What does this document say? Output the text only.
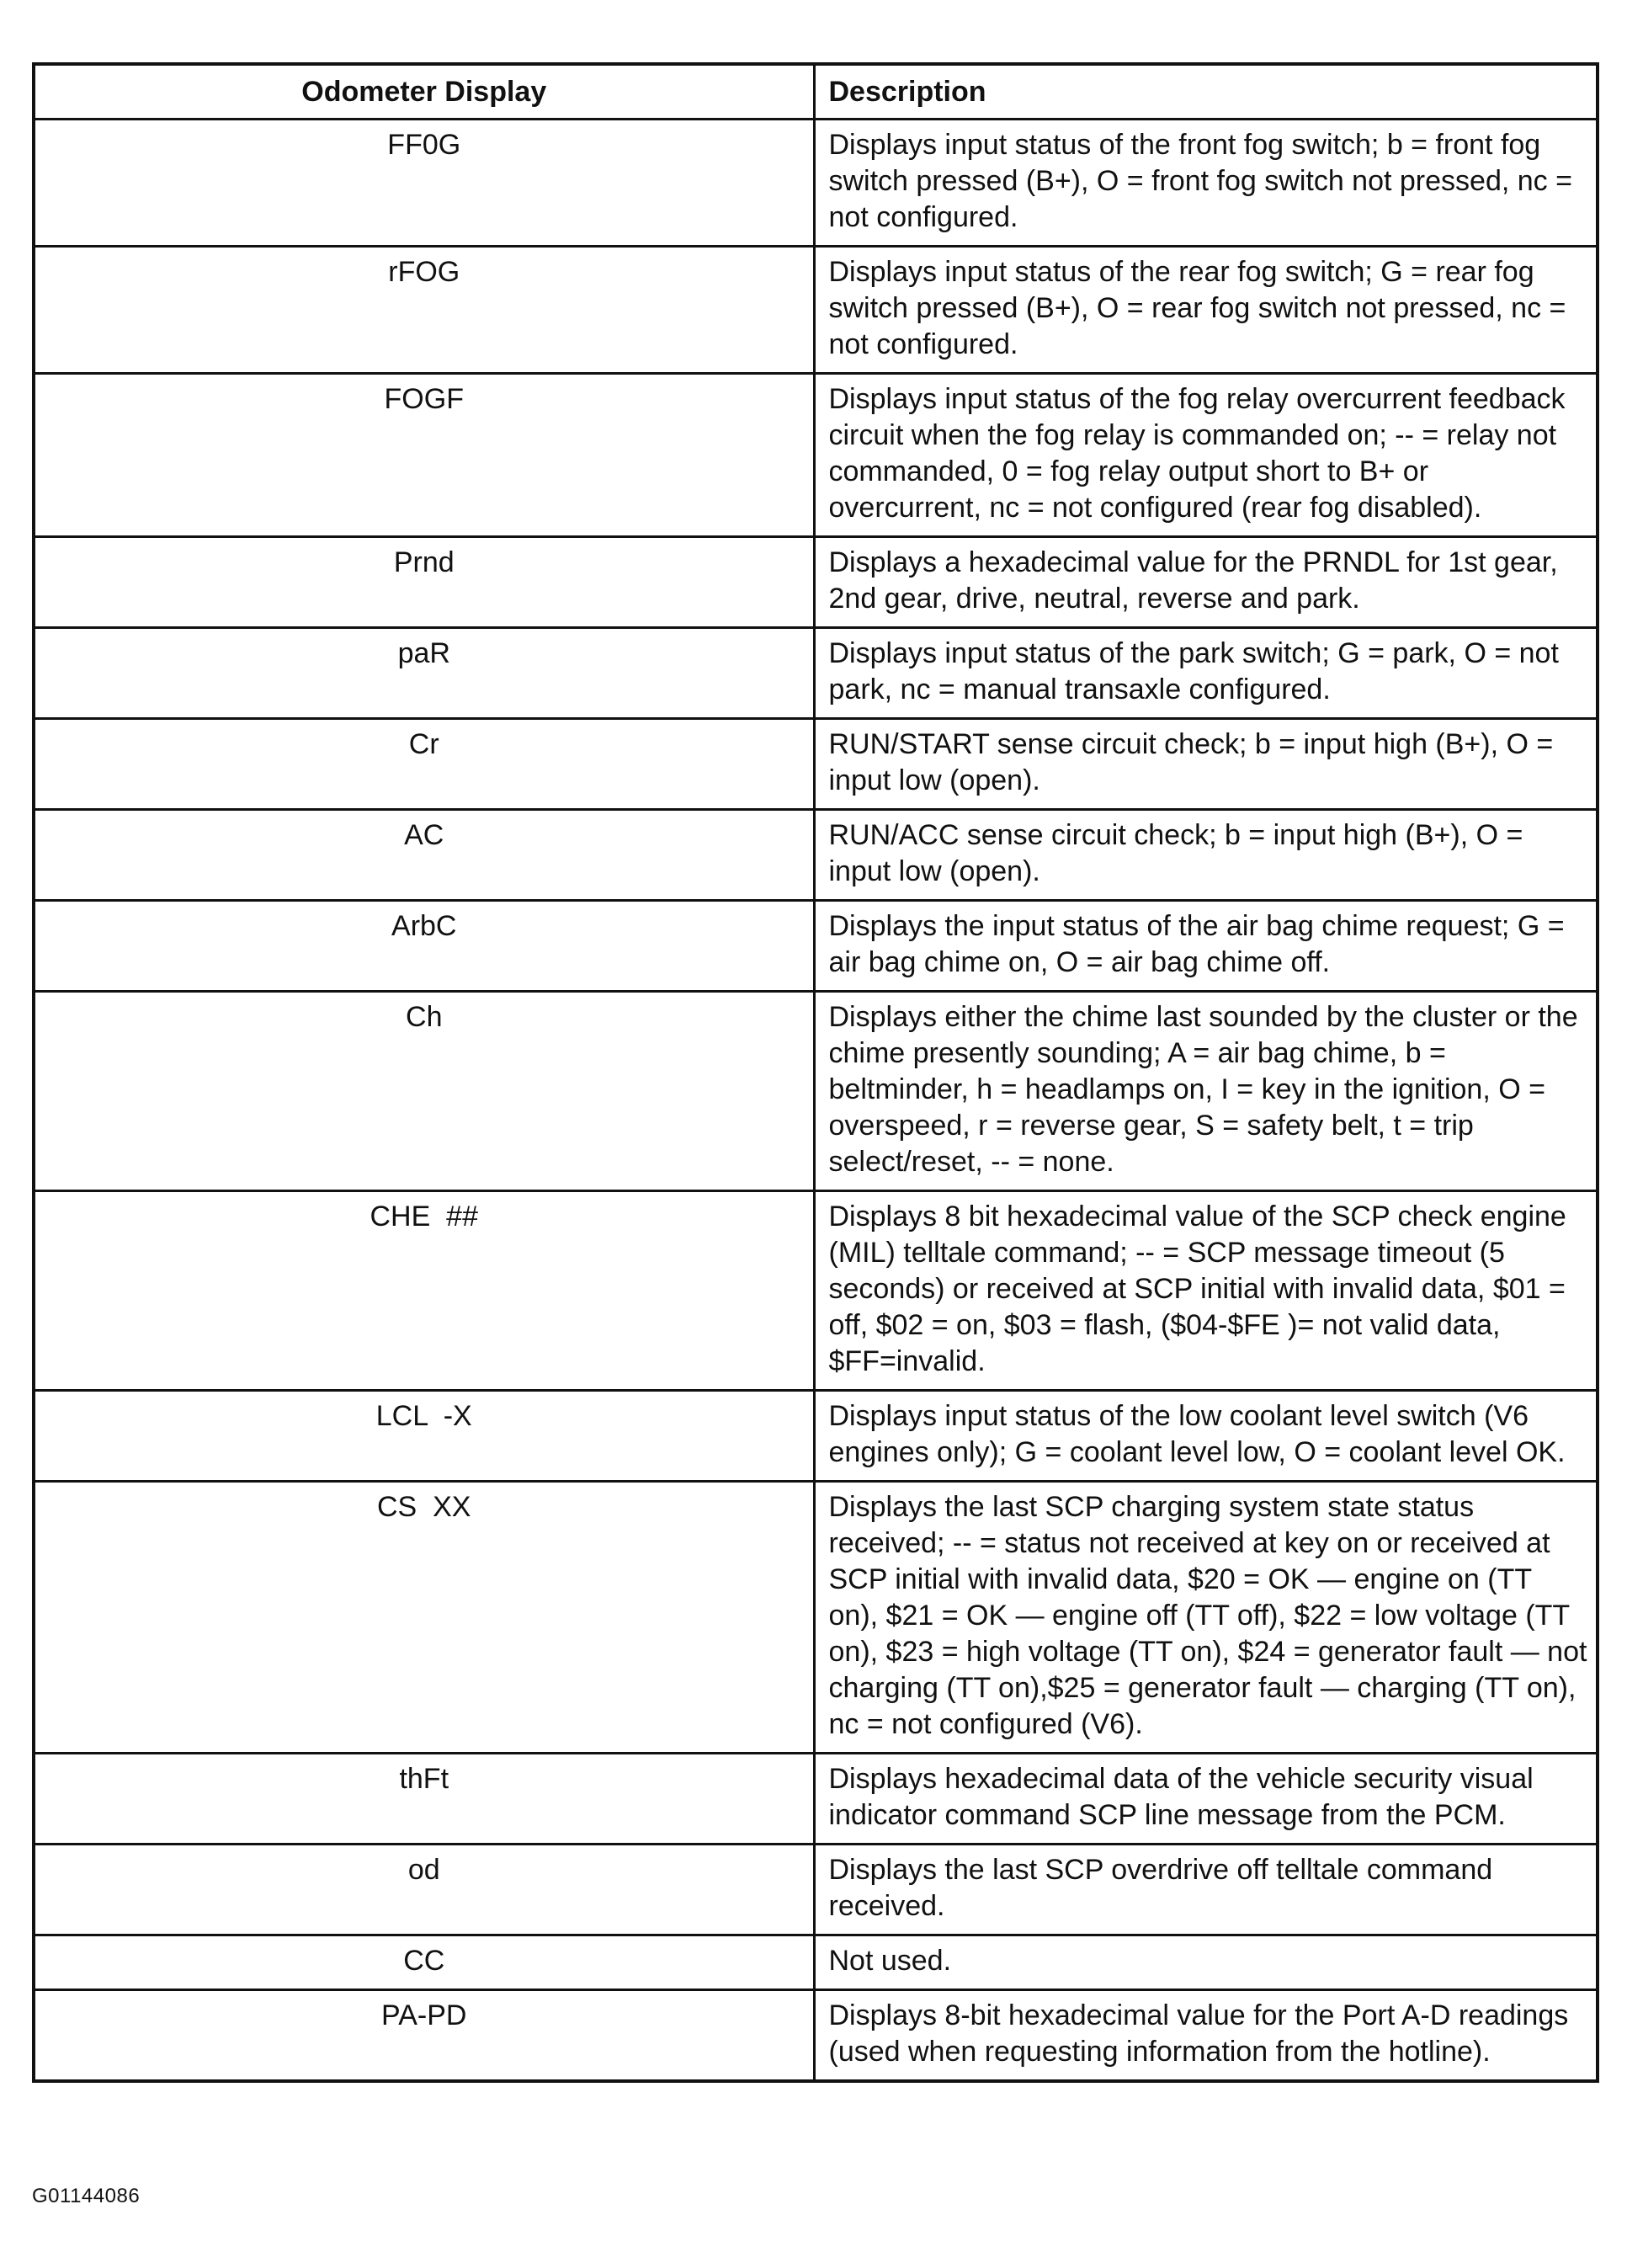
Odometer Display	Description
FF0G	Displays input status of the front fog switch; b = front fog switch pressed (B+), O = front fog switch not pressed, nc = not configured.
rFOG	Displays input status of the rear fog switch; G = rear fog switch pressed (B+), O = rear fog switch not pressed, nc = not configured.
FOGF	Displays input status of the fog relay overcurrent feedback circuit when the fog relay is commanded on; -- = relay not commanded, 0 = fog relay output short to B+ or overcurrent, nc = not configured (rear fog disabled).
Prnd	Displays a hexadecimal value for the PRNDL for 1st gear, 2nd gear, drive, neutral, reverse and park.
paR	Displays input status of the park switch; G = park, O = not park, nc = manual transaxle configured.
Cr	RUN/START sense circuit check; b = input high (B+), O = input low (open).
AC	RUN/ACC sense circuit check; b = input high (B+), O = input low (open).
ArbC	Displays the input status of the air bag chime request; G = air bag chime on, O = air bag chime off.
Ch	Displays either the chime last sounded by the cluster or the chime presently sounding; A = air bag chime, b = beltminder, h = headlamps on, I = key in the ignition, O = overspeed, r = reverse gear, S = safety belt, t = trip select/reset, -- = none.
CHE  ##	Displays 8 bit hexadecimal value of the SCP check engine (MIL) telltale command; -- = SCP message timeout (5 seconds) or received at SCP initial with invalid data, $01 = off, $02 = on, $03 = flash, ($04-$FE )= not valid data, $FF=invalid.
LCL  -X	Displays input status of the low coolant level switch (V6 engines only); G = coolant level low, O = coolant level OK.
CS  XX	Displays the last SCP charging system state status received; -- = status not received at key on or received at SCP initial with invalid data, $20 = OK — engine on (TT on), $21 = OK — engine off (TT off), $22 = low voltage (TT on), $23 = high voltage (TT on), $24 = generator fault — not charging (TT on),$25 = generator fault — charging (TT on), nc = not configured (V6).
thFt	Displays hexadecimal data of the vehicle security visual indicator command SCP line message from the PCM.
od	Displays the last SCP overdrive off telltale command received.
CC	Not used.
PA-PD	Displays 8-bit hexadecimal value for the Port A-D readings (used when requesting information from the hotline).
G01144086
